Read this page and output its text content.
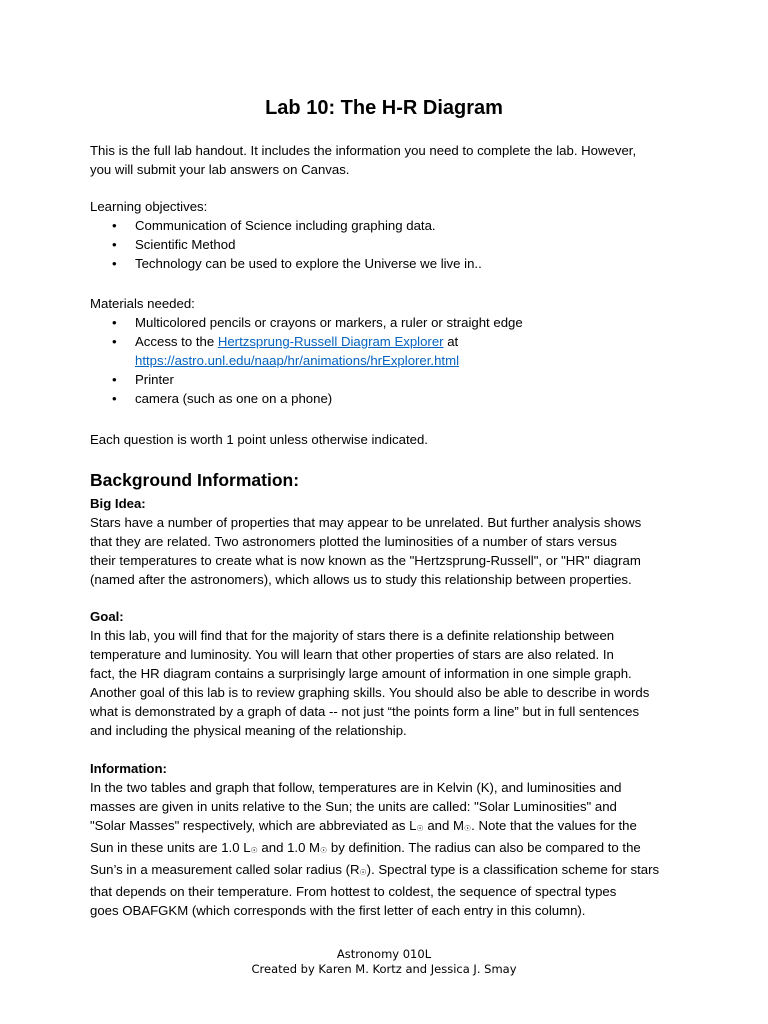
Lab 10: The H-R Diagram

This is the full lab handout. It includes the information you need to complete the lab. However,
you will submit your lab answers on Canvas.

Learning objectives:
• Communication of Science including graphing data.
• Scientific Method
• Technology can be used to explore the Universe we live in..
Materials needed:
• Multicolored pencils or crayons or markers, a ruler or straight edge
• Access to the Hertzsprung-Russell Diagram Explorer at
https://astro.unl.edu/naap/hr/animations/hrExplorer.html
• Printer
• camera (such as one on a phone)

Each question is worth 1 point unless otherwise indicated.

Background Information:
Big Idea:
Stars have a number of properties that may appear to be unrelated. But further analysis shows
that they are related. Two astronomers plotted the luminosities of a number of stars versus
their temperatures to create what is now known as the "Hertzsprung-Russell", or "HR" diagram
(named after the astronomers), which allows us to study this relationship between properties.
Goal:
In this lab, you will find that for the majority of stars there is a definite relationship between
temperature and luminosity. You will learn that other properties of stars are also related. In
fact, the HR diagram contains a surprisingly large amount of information in one simple graph.
Another goal of this lab is to review graphing skills. You should also be able to describe in words
what is demonstrated by a graph of data -- not just “the points form a line” but in full sentences
and including the physical meaning of the relationship.
Information:
In the two tables and graph that follow, temperatures are in Kelvin (K), and luminosities and
masses are given in units relative to the Sun; the units are called: "Solar Luminosities" and
"Solar Masses" respectively, which are abbreviated as L☉ and M☉. Note that the values for the
Sun in these units are 1.0 L☉ and 1.0 M☉ by definition. The radius can also be compared to the
Sun’s in a measurement called solar radius (R☉). Spectral type is a classification scheme for stars
that depends on their temperature. From hottest to coldest, the sequence of spectral types
goes OBAFGKM (which corresponds with the first letter of each entry in this column).
Astronomy 010L
Created by Karen M. Kortz and Jessica J. Smay
